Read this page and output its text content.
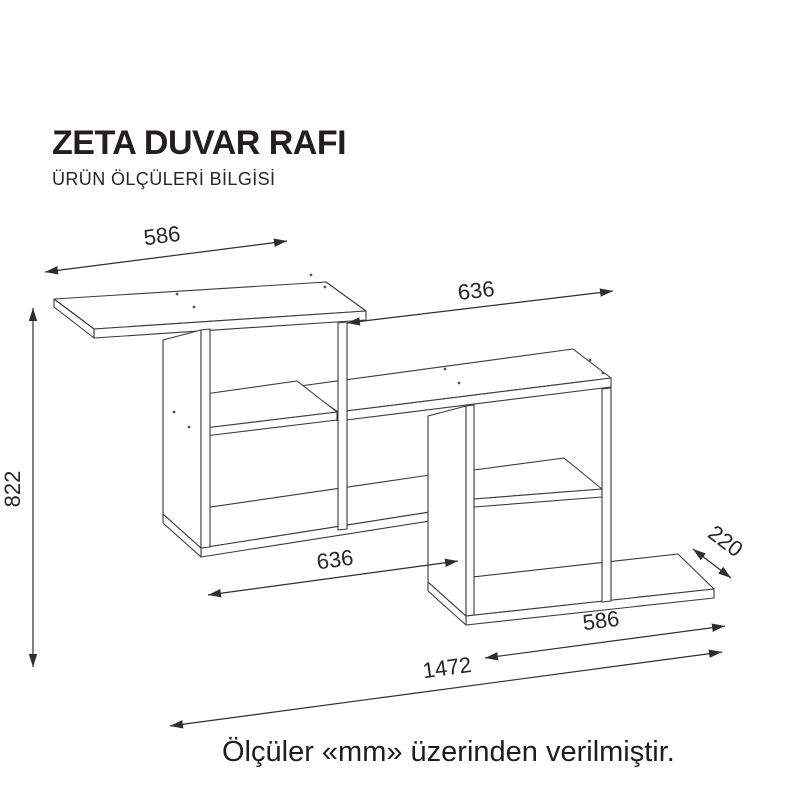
ZETA DUVAR RAFI
ÜRÜN ÖLÇÜLERİ BİLGİSİ
586
636
822
636	220
586
1472
Ölçüler «mm» üzerinden verilmiştir.
